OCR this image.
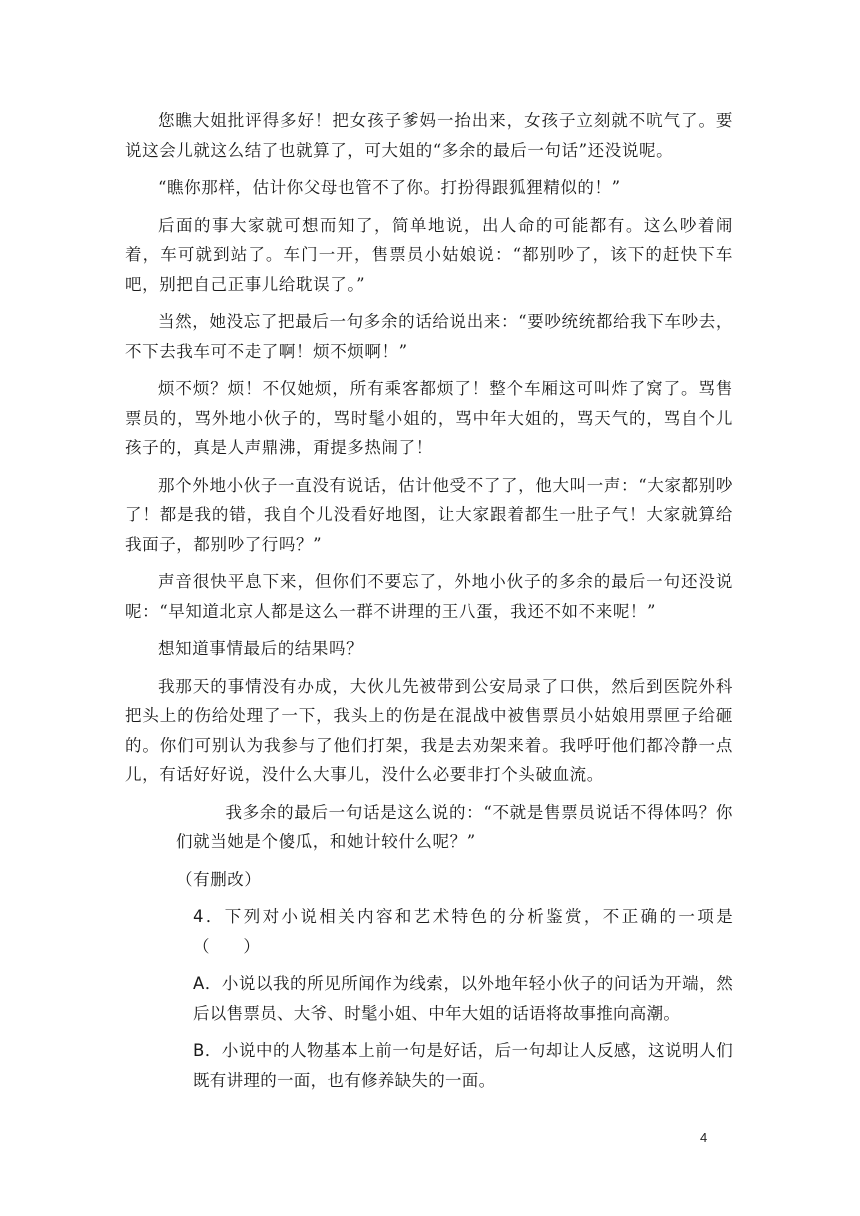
您瞧大姐批评得多好！把女孩子爹妈一抬出来，女孩子立刻就不吭气了。要说这会儿就这么结了也就算了，可大姐的“多余的最后一句话”还没说呢。

“瞧你那样，估计你父母也管不了你。打扮得跟狐狸精似的！”

后面的事大家就可想而知了，简单地说，出人命的可能都有。这么吵着闹着，车可就到站了。车门一开，售票员小姑娘说：“都别吵了，该下的赶快下车吧，别把自己正事儿给耽误了。”

当然，她没忘了把最后一句多余的话给说出来：“要吵统统都给我下车吵去，不下去我车可不走了啊！烦不烦啊！”

烦不烦？烦！不仅她烦，所有乘客都烦了！整个车厢这可叫炸了窝了。骂售票员的，骂外地小伙子的，骂时髦小姐的，骂中年大姐的，骂天气的，骂自个儿孩子的，真是人声鼎沸，甭提多热闹了！

那个外地小伙子一直没有说话，估计他受不了了，他大叫一声：“大家都别吵了！都是我的错，我自个儿没看好地图，让大家跟着都生一肚子气！大家就算给我面子，都别吵了行吗？”

声音很快平息下来，但你们不要忘了，外地小伙子的多余的最后一句还没说呢：“早知道北京人都是这么一群不讲理的王八蛋，我还不如不来呢！”

想知道事情最后的结果吗？

我那天的事情没有办成，大伙儿先被带到公安局录了口供，然后到医院外科把头上的伤给处理了一下，我头上的伤是在混战中被售票员小姑娘用票匣子给砸的。你们可别认为我参与了他们打架，我是去劝架来着。我呼吁他们都冷静一点儿，有话好好说，没什么大事儿，没什么必要非打个头破血流。

我多余的最后一句话是这么说的：“不就是售票员说话不得体吗？你们就当她是个傻瓜，和她计较什么呢？”

（有删改）

4．下列对小说相关内容和艺术特色的分析鉴赏，不正确的一项是（　　）

A．小说以我的所见所闻作为线索，以外地年轻小伙子的问话为开端，然后以售票员、大爷、时髦小姐、中年大姐的话语将故事推向高潮。

B．小说中的人物基本上前一句是好话，后一句却让人反感，这说明人们既有讲理的一面，也有修养缺失的一面。

4
